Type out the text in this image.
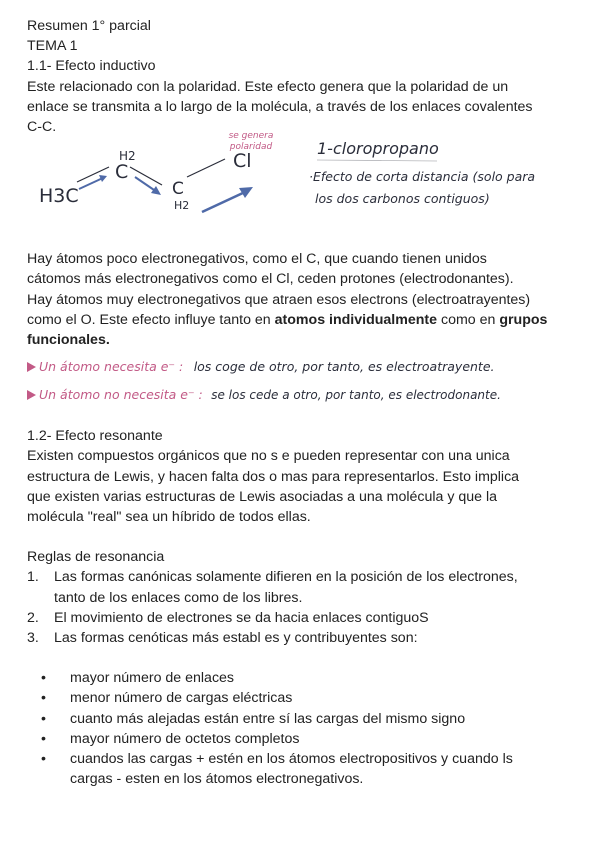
Resumen 1° parcial
TEMA 1
1.1- Efecto inductivo
Este relacionado con la polaridad. Este efecto genera que la polaridad de un
enlace se transmita a lo largo de la molécula, a través de los enlaces covalentes
C-C.
H3C
H2
C
C
H2
Cl
se genera
polaridad	1-cloropropano
·Efecto de corta distancia (solo para
los dos carbonos contiguos)
Hay átomos poco electronegativos, como el C, que cuando tienen unidos
cátomos más electronegativos como el Cl, ceden protones (electrodonantes).
Hay átomos muy electronegativos que atraen esos electrons (electroatrayentes)
como el O. Este efecto influye tanto en atomos individualmente como en grupos
funcionales.
Un átomo necesita e⁻ : los coge de otro, por tanto, es electroatrayente.
Un átomo no necesita e⁻ : se los cede a otro, por tanto, es electrodonante.
1.2- Efecto resonante
Existen compuestos orgánicos que no s e pueden representar con una unica
estructura de Lewis, y hacen falta dos o mas para representarlos. Esto implica
que existen varias estructuras de Lewis asociadas a una molécula y que la
molécula "real" sea un híbrido de todos ellas.
Reglas de resonancia
1. Las formas canónicas solamente difieren en la posición de los electrones,
tanto de los enlaces como de los libres.
2. El movimiento de electrones se da hacia enlaces contiguoS
3. Las formas cenóticas más establ es y contribuyentes son:
• mayor número de enlaces
• menor número de cargas eléctricas
• cuanto más alejadas están entre sí las cargas del mismo signo
• mayor número de octetos completos
• cuandos las cargas + estén en los átomos electropositivos y cuando ls
cargas - esten en los átomos electronegativos.
